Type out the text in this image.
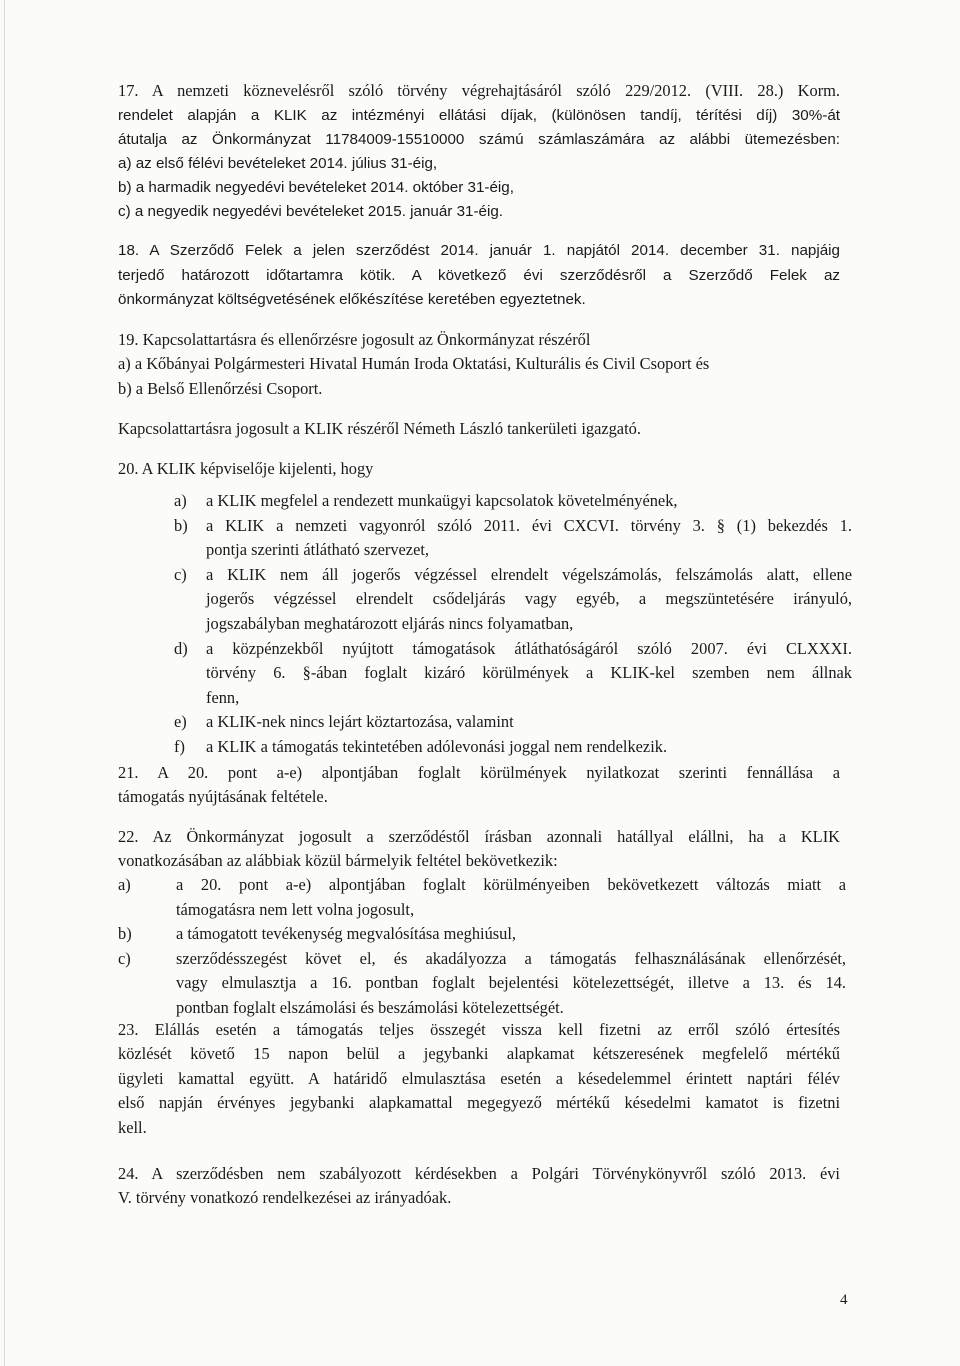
17. A nemzeti köznevelésről szóló törvény végrehajtásáról szóló 229/2012. (VIII. 28.) Korm.
rendelet alapján a KLIK az intézményi ellátási díjak, (különösen tandíj, térítési díj) 30%-át
átutalja az Önkormányzat 11784009-15510000 számú számlaszámára az alábbi ütemezésben:
a) az első félévi bevételeket 2014. július 31-éig,
b) a harmadik negyedévi bevételeket 2014. október 31-éig,
c) a negyedik negyedévi bevételeket 2015. január 31-éig.
18. A Szerződő Felek a jelen szerződést 2014. január 1. napjától 2014. december 31. napjáig
terjedő határozott időtartamra kötik. A következő évi szerződésről a Szerződő Felek az
önkormányzat költségvetésének előkészítése keretében egyeztetnek.
19. Kapcsolattartásra és ellenőrzésre jogosult az Önkormányzat részéről
a) a Kőbányai Polgármesteri Hivatal Humán Iroda Oktatási, Kulturális és Civil Csoport és
b) a Belső Ellenőrzési Csoport.
Kapcsolattartásra jogosult a KLIK részéről Németh László tankerületi igazgató.
20. A KLIK képviselője kijelenti, hogy
a)	a KLIK megfelel a rendezett munkaügyi kapcsolatok követelményének,
b)	a KLIK a nemzeti vagyonról szóló 2011. évi CXCVI. törvény 3. § (1) bekezdés 1.
pontja szerinti átlátható szervezet,
c)	a KLIK nem áll jogerős végzéssel elrendelt végelszámolás, felszámolás alatt, ellene
jogerős végzéssel elrendelt csődeljárás vagy egyéb, a megszüntetésére irányuló,
jogszabályban meghatározott eljárás nincs folyamatban,
d)	a közpénzekből nyújtott támogatások átláthatóságáról szóló 2007. évi CLXXXI.
törvény 6. §-ában foglalt kizáró körülmények a KLIK-kel szemben nem állnak
fenn,
e)	a KLIK-nek nincs lejárt köztartozása, valamint
f)	a KLIK a támogatás tekintetében adólevonási joggal nem rendelkezik.
21. A 20. pont a-e) alpontjában foglalt körülmények nyilatkozat szerinti fennállása a
támogatás nyújtásának feltétele.
22. Az Önkormányzat jogosult a szerződéstől írásban azonnali hatállyal elállni, ha a KLIK
vonatkozásában az alábbiak közül bármelyik feltétel bekövetkezik:
a)	a 20. pont a-e) alpontjában foglalt körülményeiben bekövetkezett változás miatt a
támogatásra nem lett volna jogosult,
b)	a támogatott tevékenység megvalósítása meghiúsul,
c)	szerződésszegést követ el, és akadályozza a támogatás felhasználásának ellenőrzését,
vagy elmulasztja a 16. pontban foglalt bejelentési kötelezettségét, illetve a 13. és 14.
pontban foglalt elszámolási és beszámolási kötelezettségét.
23. Elállás esetén a támogatás teljes összegét vissza kell fizetni az erről szóló értesítés
közlését követő 15 napon belül a jegybanki alapkamat kétszeresének megfelelő mértékű
ügyleti kamattal együtt. A határidő elmulasztása esetén a késedelemmel érintett naptári félév
első napján érvényes jegybanki alapkamattal megegyező mértékű késedelmi kamatot is fizetni
kell.
24. A szerződésben nem szabályozott kérdésekben a Polgári Törvénykönyvről szóló 2013. évi
V. törvény vonatkozó rendelkezései az irányadóak.
4
